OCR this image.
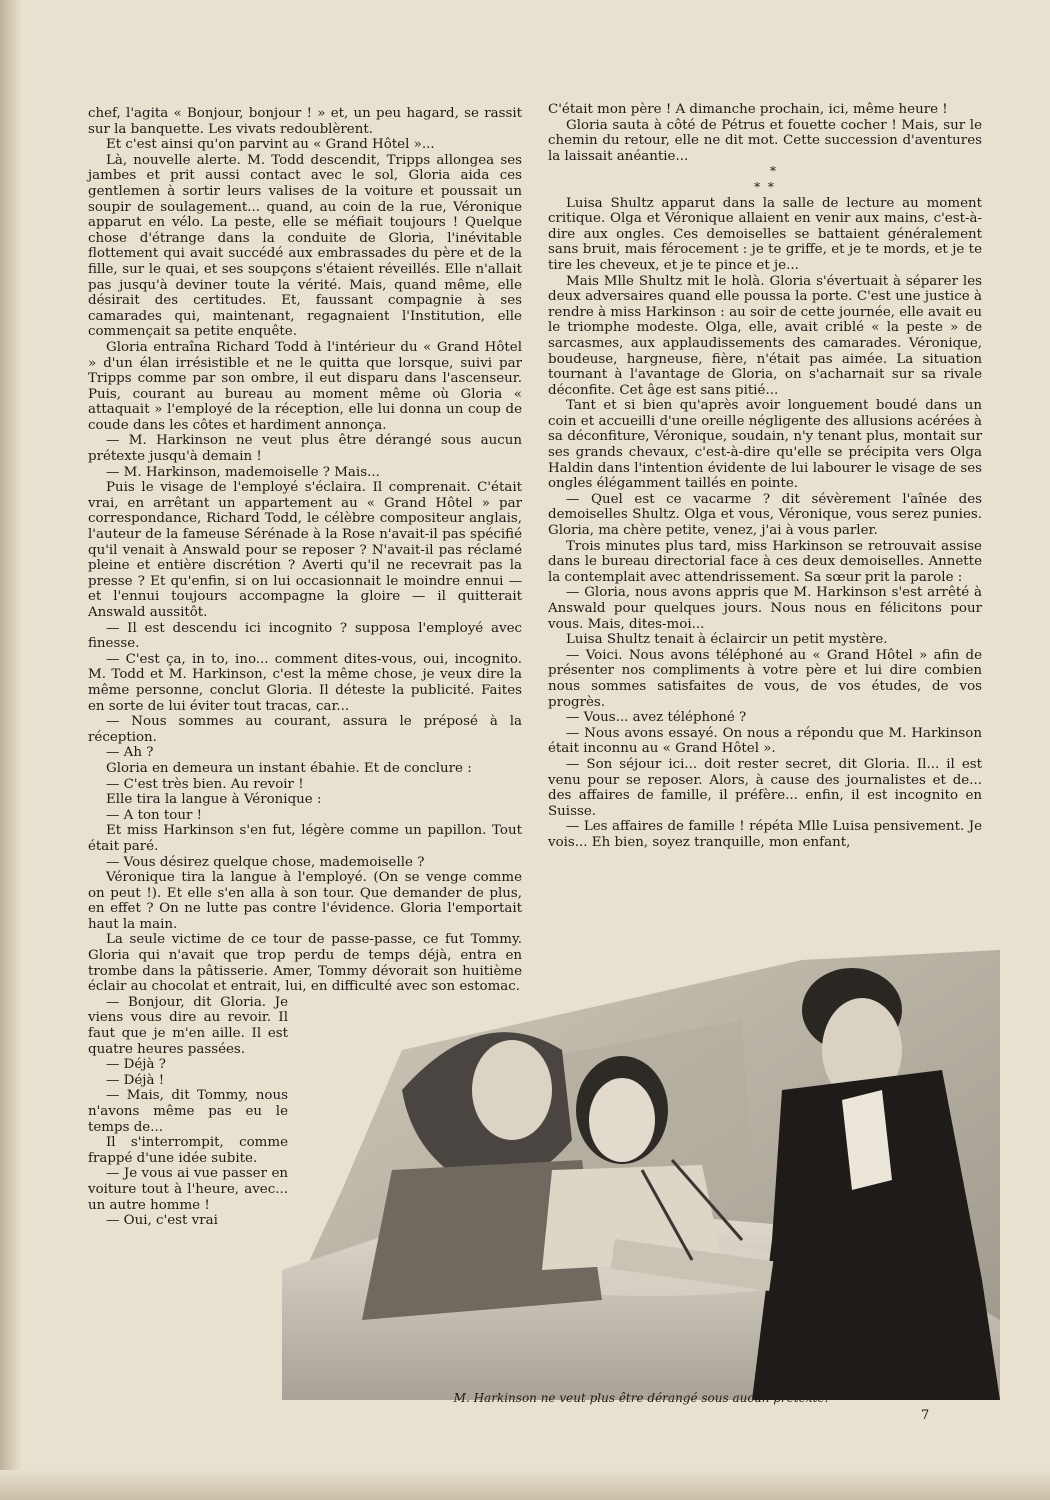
chef, l'agita « Bonjour, bonjour ! » et, un peu hagard, se rassit sur la banquette. Les vivats redoublèrent.

Et c'est ainsi qu'on parvint au « Grand Hôtel »...

Là, nouvelle alerte. M. Todd descendit, Tripps allongea ses jambes et prit aussi contact avec le sol, Gloria aida ces gentlemen à sortir leurs valises de la voiture et poussait un soupir de soulagement... quand, au coin de la rue, Véronique apparut en vélo. La peste, elle se méfiait toujours ! Quelque chose d'étrange dans la conduite de Gloria, l'inévitable flottement qui avait succédé aux embrassades du père et de la fille, sur le quai, et ses soupçons s'étaient réveillés. Elle n'allait pas jusqu'à deviner toute la vérité. Mais, quand même, elle désirait des certitudes. Et, faussant compagnie à ses camarades qui, maintenant, regagnaient l'Institution, elle commençait sa petite enquête.

Gloria entraîna Richard Todd à l'intérieur du « Grand Hôtel » d'un élan irrésistible et ne le quitta que lorsque, suivi par Tripps comme par son ombre, il eut disparu dans l'ascenseur. Puis, courant au bureau au moment même où Gloria « attaquait » l'employé de la réception, elle lui donna un coup de coude dans les côtes et hardiment annonça.

— M. Harkinson ne veut plus être dérangé sous aucun prétexte jusqu'à demain !

— M. Harkinson, mademoiselle ? Mais...

Puis le visage de l'employé s'éclaira. Il comprenait. C'était vrai, en arrêtant un appartement au « Grand Hôtel » par correspondance, Richard Todd, le célèbre compositeur anglais, l'auteur de la fameuse Sérénade à la Rose n'avait-il pas spécifié qu'il venait à Answald pour se reposer ? N'avait-il pas réclamé pleine et entière discrétion ? Averti qu'il ne recevrait pas la presse ? Et qu'enfin, si on lui occasionnait le moindre ennui — et l'ennui toujours accompagne la gloire — il quitterait Answald aussitôt.

— Il est descendu ici incognito ? supposa l'employé avec finesse.

— C'est ça, in to, ino... comment dites-vous, oui, incognito. M. Todd et M. Harkinson, c'est la même chose, je veux dire la même personne, conclut Gloria. Il déteste la publicité. Faites en sorte de lui éviter tout tracas, car...

— Nous sommes au courant, assura le préposé à la réception.

— Ah ?

Gloria en demeura un instant ébahie. Et de conclure :

— C'est très bien. Au revoir !

Elle tira la langue à Véronique :

— A ton tour !

Et miss Harkinson s'en fut, légère comme un papillon. Tout était paré.

— Vous désirez quelque chose, mademoiselle ?

Véronique tira la langue à l'employé. (On se venge comme on peut !). Et elle s'en alla à son tour. Que demander de plus, en effet ? On ne lutte pas contre l'évidence. Gloria l'emportait haut la main.

La seule victime de ce tour de passe-passe, ce fut Tommy. Gloria qui n'avait que trop perdu de temps déjà, entra en trombe dans la pâtisserie. Amer, Tommy dévorait son huitième éclair au chocolat et entrait, lui, en difficulté avec son estomac.

— Bonjour, dit Gloria. Je viens vous dire au revoir. Il faut que je m'en aille. Il est quatre heures passées.

— Déjà ?

— Déjà !

— Mais, dit Tommy, nous n'avons même pas eu le temps de...

Il s'interrompit, comme frappé d'une idée subite.

— Je vous ai vue passer en voiture tout à l'heure, avec... un autre homme !

— Oui, c'est vrai

C'était mon père ! A dimanche prochain, ici, même heure !

Gloria sauta à côté de Pétrus et fouette cocher ! Mais, sur le chemin du retour, elle ne dit mot. Cette succession d'aventures la laissait anéantie...

*
* *

Luisa Shultz apparut dans la salle de lecture au moment critique. Olga et Véronique allaient en venir aux mains, c'est-à-dire aux ongles. Ces demoiselles se battaient généralement sans bruit, mais férocement : je te griffe, et je te mords, et je te tire les cheveux, et je te pince et je...

Mais Mlle Shultz mit le holà. Gloria s'évertuait à séparer les deux adversaires quand elle poussa la porte. C'est une justice à rendre à miss Harkinson : au soir de cette journée, elle avait eu le triomphe modeste. Olga, elle, avait criblé « la peste » de sarcasmes, aux applaudissements des camarades. Véronique, boudeuse, hargneuse, fière, n'était pas aimée. La situation tournant à l'avantage de Gloria, on s'acharnait sur sa rivale déconfite. Cet âge est sans pitié...

Tant et si bien qu'après avoir longuement boudé dans un coin et accueilli d'une oreille négligente des allusions acérées à sa déconfiture, Véronique, soudain, n'y tenant plus, montait sur ses grands chevaux, c'est-à-dire qu'elle se précipita vers Olga Haldin dans l'intention évidente de lui labourer le visage de ses ongles élégamment taillés en pointe.

— Quel est ce vacarme ? dit sévèrement l'aînée des demoiselles Shultz. Olga et vous, Véronique, vous serez punies. Gloria, ma chère petite, venez, j'ai à vous parler.

Trois minutes plus tard, miss Harkinson se retrouvait assise dans le bureau directorial face à ces deux demoiselles. Annette la contemplait avec attendrissement. Sa sœur prit la parole :

— Gloria, nous avons appris que M. Harkinson s'est arrêté à Answald pour quelques jours. Nous nous en félicitons pour vous. Mais, dites-moi...

Luisa Shultz tenait à éclaircir un petit mystère.

— Voici. Nous avons téléphoné au « Grand Hôtel » afin de présenter nos compliments à votre père et lui dire combien nous sommes satisfaites de vous, de vos études, de vos progrès.

— Vous... avez téléphoné ?

— Nous avons essayé. On nous a répondu que M. Harkinson était inconnu au « Grand Hôtel ».

— Son séjour ici... doit rester secret, dit Gloria. Il... il est venu pour se reposer. Alors, à cause des journalistes et de... des affaires de famille, il préfère... enfin, il est incognito en Suisse.

— Les affaires de famille ! répéta Mlle Luisa pensivement. Je vois... Eh bien, soyez tranquille, mon enfant,

M. Harkinson ne veut plus être dérangé sous aucun prétexte.
7
